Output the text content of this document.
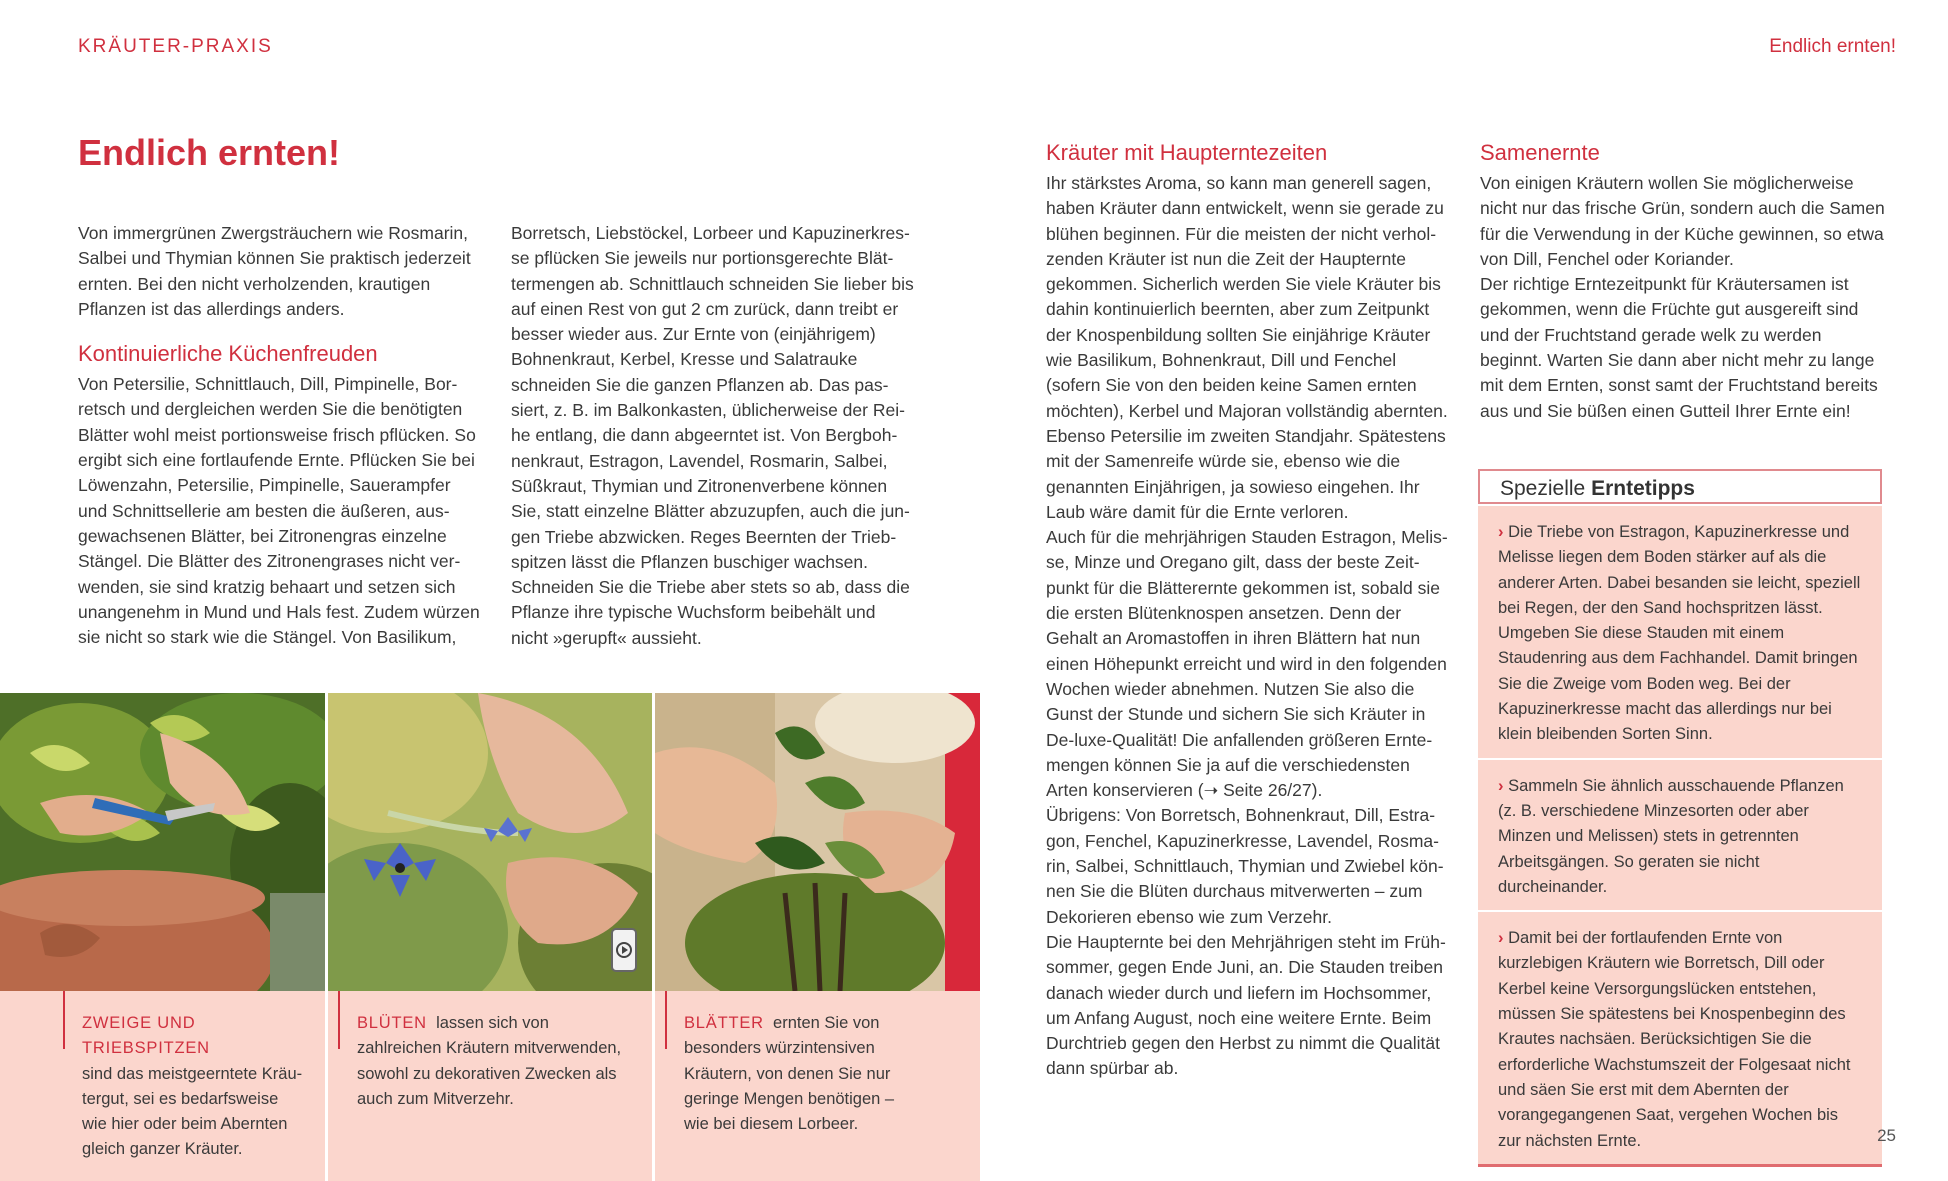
KRÄUTER-PRAXIS	Endlich ernten!
Endlich ernten!

Von immergrünen Zwergsträuchern wie Rosmarin, Salbei und Thymian können Sie praktisch jederzeit ernten. Bei den nicht verholzenden, krautigen Pflanzen ist das allerdings anders.

Kontinuierliche Küchenfreuden

Von Petersilie, Schnittlauch, Dill, Pimpinelle, Borretsch und dergleichen werden Sie die benötigten Blätter wohl meist portionsweise frisch pflücken. So ergibt sich eine fortlaufende Ernte. Pflücken Sie bei Löwenzahn, Petersilie, Pimpinelle, Sauerampfer und Schnittsellerie am besten die äußeren, ausgewachsenen Blätter, bei Zitronengras einzelne Stängel. Die Blätter des Zitronengrases nicht verwenden, sie sind kratzig behaart und setzen sich unangenehm in Mund und Hals fest. Zudem würzen sie nicht so stark wie die Stängel. Von Basilikum,

Borretsch, Liebstöckel, Lorbeer und Kapuzinerkresse pflücken Sie jeweils nur portionsgerechte Blättermengen ab. Schnittlauch schneiden Sie lieber bis auf einen Rest von gut 2 cm zurück, dann treibt er besser wieder aus. Zur Ernte von (einjährigem) Bohnenkraut, Kerbel, Kresse und Salatrauke schneiden Sie die ganzen Pflanzen ab. Das passiert, z. B. im Balkonkasten, üblicherweise der Reihe entlang, die dann abgeerntet ist. Von Bergbohnenkraut, Estragon, Lavendel, Rosmarin, Salbei, Süßkraut, Thymian und Zitronenverbene können Sie, statt einzelne Blätter abzuzupfen, auch die jungen Triebe abzwicken. Reges Beernten der Triebspitzen lässt die Pflanzen buschiger wachsen. Schneiden Sie die Triebe aber stets so ab, dass die Pflanze ihre typische Wuchsform beibehält und nicht »gerupft« aussieht.

Kräuter mit Haupterntezeiten

Ihr stärkstes Aroma, so kann man generell sagen, haben Kräuter dann entwickelt, wenn sie gerade zu blühen beginnen. Für die meisten der nicht verholzenden Kräuter ist nun die Zeit der Haupternte gekommen. Sicherlich werden Sie viele Kräuter bis dahin kontinuierlich beernten, aber zum Zeitpunkt der Knospenbildung sollten Sie einjährige Kräuter wie Basilikum, Bohnenkraut, Dill und Fenchel (sofern Sie von den beiden keine Samen ernten möchten), Kerbel und Majoran vollständig abernten. Ebenso Petersilie im zweiten Standjahr. Spätestens mit der Samenreife würde sie, ebenso wie die genannten Einjährigen, ja sowieso eingehen. Ihr Laub wäre damit für die Ernte verloren.

Auch für die mehrjährigen Stauden Estragon, Melisse, Minze und Oregano gilt, dass der beste Zeitpunkt für die Blätterernte gekommen ist, sobald sie die ersten Blütenknospen ansetzen. Denn der Gehalt an Aromastoffen in ihren Blättern hat nun einen Höhepunkt erreicht und wird in den folgenden Wochen wieder abnehmen. Nutzen Sie also die Gunst der Stunde und sichern Sie sich Kräuter in De-luxe-Qualität! Die anfallenden größeren Erntemengen können Sie ja auf die verschiedensten Arten konservieren (➝ Seite 26/27).

Übrigens: Von Borretsch, Bohnenkraut, Dill, Estragon, Fenchel, Kapuzinerkresse, Lavendel, Rosmarin, Salbei, Schnittlauch, Thymian und Zwiebel können Sie die Blüten durchaus mitverwerten – zum Dekorieren ebenso wie zum Verzehr.

Die Haupternte bei den Mehrjährigen steht im Frühsommer, gegen Ende Juni, an. Die Stauden treiben danach wieder durch und liefern im Hochsommer, um Anfang August, noch eine weitere Ernte. Beim Durchtrieb gegen den Herbst zu nimmt die Qualität dann spürbar ab.

Samenernte

Von einigen Kräutern wollen Sie möglicherweise nicht nur das frische Grün, sondern auch die Samen für die Verwendung in der Küche gewinnen, so etwa von Dill, Fenchel oder Koriander.

Der richtige Erntezeitpunkt für Kräutersamen ist gekommen, wenn die Früchte gut ausgereift sind und der Fruchtstand gerade welk zu werden beginnt. Warten Sie dann aber nicht mehr zu lange mit dem Ernten, sonst samt der Fruchtstand bereits aus und Sie büßen einen Gutteil Ihrer Ernte ein!

Spezielle Erntetipps
› Die Triebe von Estragon, Kapuzinerkresse und Melisse liegen dem Boden stärker auf als die anderer Arten. Dabei besanden sie leicht, speziell bei Regen, der den Sand hochspritzen lässt. Umgeben Sie diese Stauden mit einem Staudenring aus dem Fachhandel. Damit bringen Sie die Zweige vom Boden weg. Bei der Kapuzinerkresse macht das allerdings nur bei klein bleibenden Sorten Sinn.
› Sammeln Sie ähnlich ausschauende Pflanzen (z. B. verschiedene Minzesorten oder aber Minzen und Melissen) stets in getrennten Arbeitsgängen. So geraten sie nicht durcheinander.
› Damit bei der fortlaufenden Ernte von kurzlebigen Kräutern wie Borretsch, Dill oder Kerbel keine Versorgungslücken entstehen, müssen Sie spätestens bei Knospenbeginn des Krautes nachsäen. Berücksichtigen Sie die erforderliche Wachstumszeit der Folgesaat nicht und säen Sie erst mit dem Abernten der vorangegangenen Saat, vergehen Wochen bis zur nächsten Ernte.
ZWEIGE UND TRIEBSPITZEN
sind das meistgeerntete Kräutergut, sei es bedarfsweise wie hier oder beim Abernten gleich ganzer Kräuter.
BLÜTEN lassen sich von zahlreichen Kräutern mitverwenden, sowohl zu dekorativen Zwecken als auch zum Mitverzehr.
BLÄTTER ernten Sie von besonders würzintensiven Kräutern, von denen Sie nur geringe Mengen benötigen – wie bei diesem Lorbeer.
25
